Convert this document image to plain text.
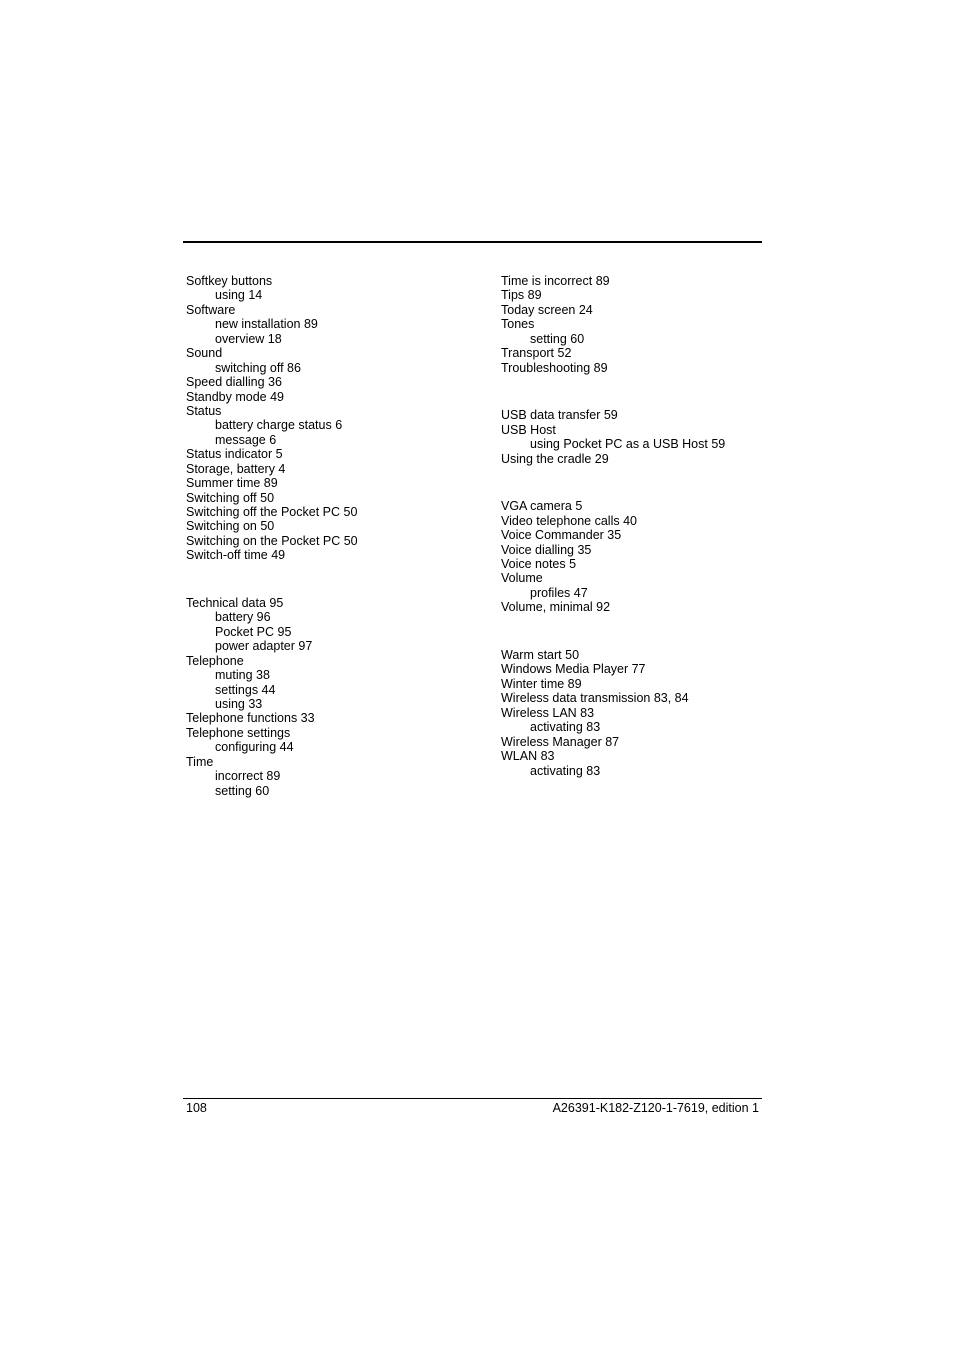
Softkey buttons
using 14
Software
new installation 89
overview 18
Sound
switching off 86
Speed dialling 36
Standby mode 49
Status
battery charge status 6
message 6
Status indicator 5
Storage, battery 4
Summer time 89
Switching off 50
Switching off the Pocket PC 50
Switching on 50
Switching on the Pocket PC 50
Switch-off time 49
Technical data 95
battery 96
Pocket PC 95
power adapter 97
Telephone
muting 38
settings 44
using 33
Telephone functions 33
Telephone settings
configuring 44
Time
incorrect 89
setting 60
Time is incorrect 89
Tips 89
Today screen 24
Tones
setting 60
Transport 52
Troubleshooting 89
USB data transfer 59
USB Host
using Pocket PC as a USB Host 59
Using the cradle 29
VGA camera 5
Video telephone calls 40
Voice Commander 35
Voice dialling 35
Voice notes 5
Volume
profiles 47
Volume, minimal 92
Warm start 50
Windows Media Player 77
Winter time 89
Wireless data transmission 83, 84
Wireless LAN 83
activating 83
Wireless Manager 87
WLAN 83
activating 83
108	A26391-K182-Z120-1-7619, edition 1
